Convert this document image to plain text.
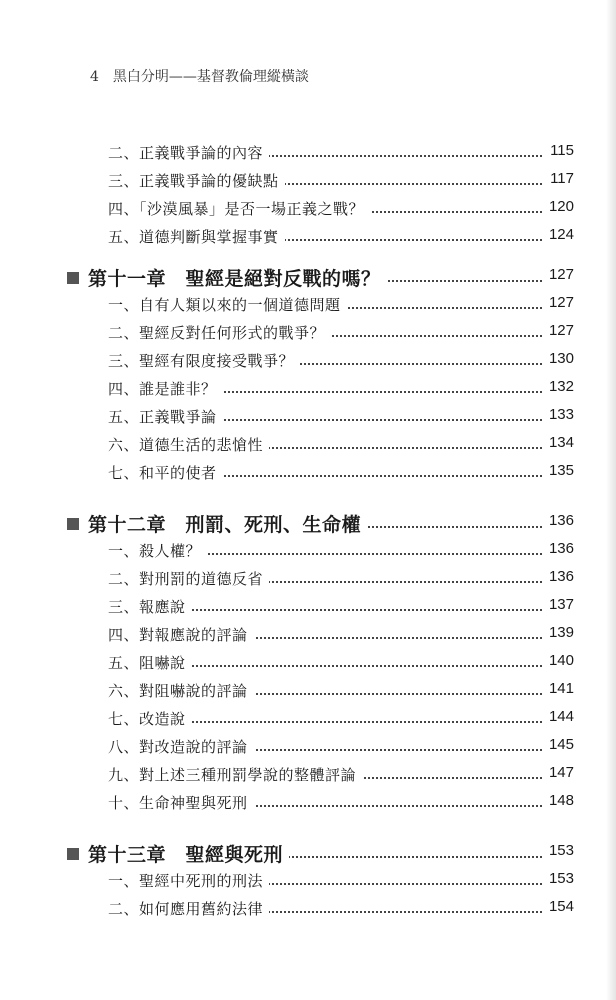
4 黑白分明——基督教倫理縱橫談
二、正義戰爭論的內容	115
三、正義戰爭論的優缺點	117
四、「沙漠風暴」是否一場正義之戰？	120
五、道德判斷與掌握事實	124
第十一章　聖經是絕對反戰的嗎？	127
一、自有人類以來的一個道德問題	127
二、聖經反對任何形式的戰爭？	127
三、聖經有限度接受戰爭？	130
四、誰是誰非？	132
五、正義戰爭論	133
六、道德生活的悲愴性	134
七、和平的使者	135
第十二章　刑罰、死刑、生命權	136
一、殺人權？	136
二、對刑罰的道德反省	136
三、報應說	137
四、對報應說的評論	139
五、阻嚇說	140
六、對阻嚇說的評論	141
七、改造說	144
八、對改造說的評論	145
九、對上述三種刑罰學說的整體評論	147
十、生命神聖與死刑	148
第十三章　聖經與死刑	153
一、聖經中死刑的刑法	153
二、如何應用舊約法律	154
